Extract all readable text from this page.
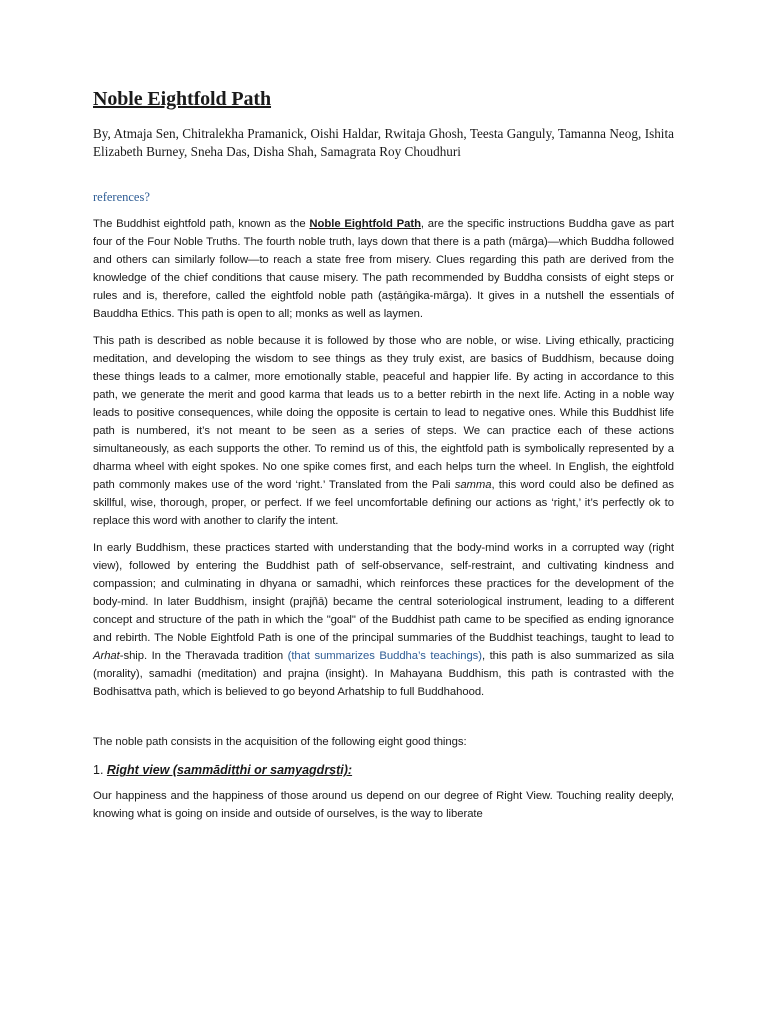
Noble Eightfold Path

By, Atmaja Sen, Chitralekha Pramanick, Oishi Haldar, Rwitaja Ghosh, Teesta Ganguly, Tamanna Neog, Ishita Elizabeth Burney, Sneha Das, Disha Shah, Samagrata Roy Choudhuri

references?

The Buddhist eightfold path, known as the Noble Eightfold Path, are the specific instructions Buddha gave as part four of the Four Noble Truths. The fourth noble truth, lays down that there is a path (mārga)—which Buddha followed and others can similarly follow—to reach a state free from misery. Clues regarding this path are derived from the knowledge of the chief conditions that cause misery. The path recommended by Buddha consists of eight steps or rules and is, therefore, called the eightfold noble path (aṣṭāṅgika-mārga). It gives in a nutshell the essentials of Bauddha Ethics. This path is open to all; monks as well as laymen.

This path is described as noble because it is followed by those who are noble, or wise. Living ethically, practicing meditation, and developing the wisdom to see things as they truly exist, are basics of Buddhism, because doing these things leads to a calmer, more emotionally stable, peaceful and happier life. By acting in accordance to this path, we generate the merit and good karma that leads us to a better rebirth in the next life. Acting in a noble way leads to positive consequences, while doing the opposite is certain to lead to negative ones. While this Buddhist life path is numbered, it’s not meant to be seen as a series of steps. We can practice each of these actions simultaneously, as each supports the other. To remind us of this, the eightfold path is symbolically represented by a dharma wheel with eight spokes. No one spike comes first, and each helps turn the wheel. In English, the eightfold path commonly makes use of the word ‘right.’ Translated from the Pali samma, this word could also be defined as skillful, wise, thorough, proper, or perfect. If we feel uncomfortable defining our actions as ‘right,’ it’s perfectly ok to replace this word with another to clarify the intent.

In early Buddhism, these practices started with understanding that the body-mind works in a corrupted way (right view), followed by entering the Buddhist path of self-observance, self-restraint, and cultivating kindness and compassion; and culminating in dhyana or samadhi, which reinforces these practices for the development of the body-mind. In later Buddhism, insight (prajñā) became the central soteriological instrument, leading to a different concept and structure of the path in which the "goal" of the Buddhist path came to be specified as ending ignorance and rebirth. The Noble Eightfold Path is one of the principal summaries of the Buddhist teachings, taught to lead to Arhat-ship. In the Theravada tradition (that summarizes Buddha’s teachings), this path is also summarized as sila (morality), samadhi (meditation) and prajna (insight). In Mahayana Buddhism, this path is contrasted with the Bodhisattva path, which is believed to go beyond Arhatship to full Buddhahood.

The noble path consists in the acquisition of the following eight good things:

1. Right view (sammādiṭṭhi or samyagdṛṣṭi):

Our happiness and the happiness of those around us depend on our degree of Right View. Touching reality deeply, knowing what is going on inside and outside of ourselves, is the way to liberate
